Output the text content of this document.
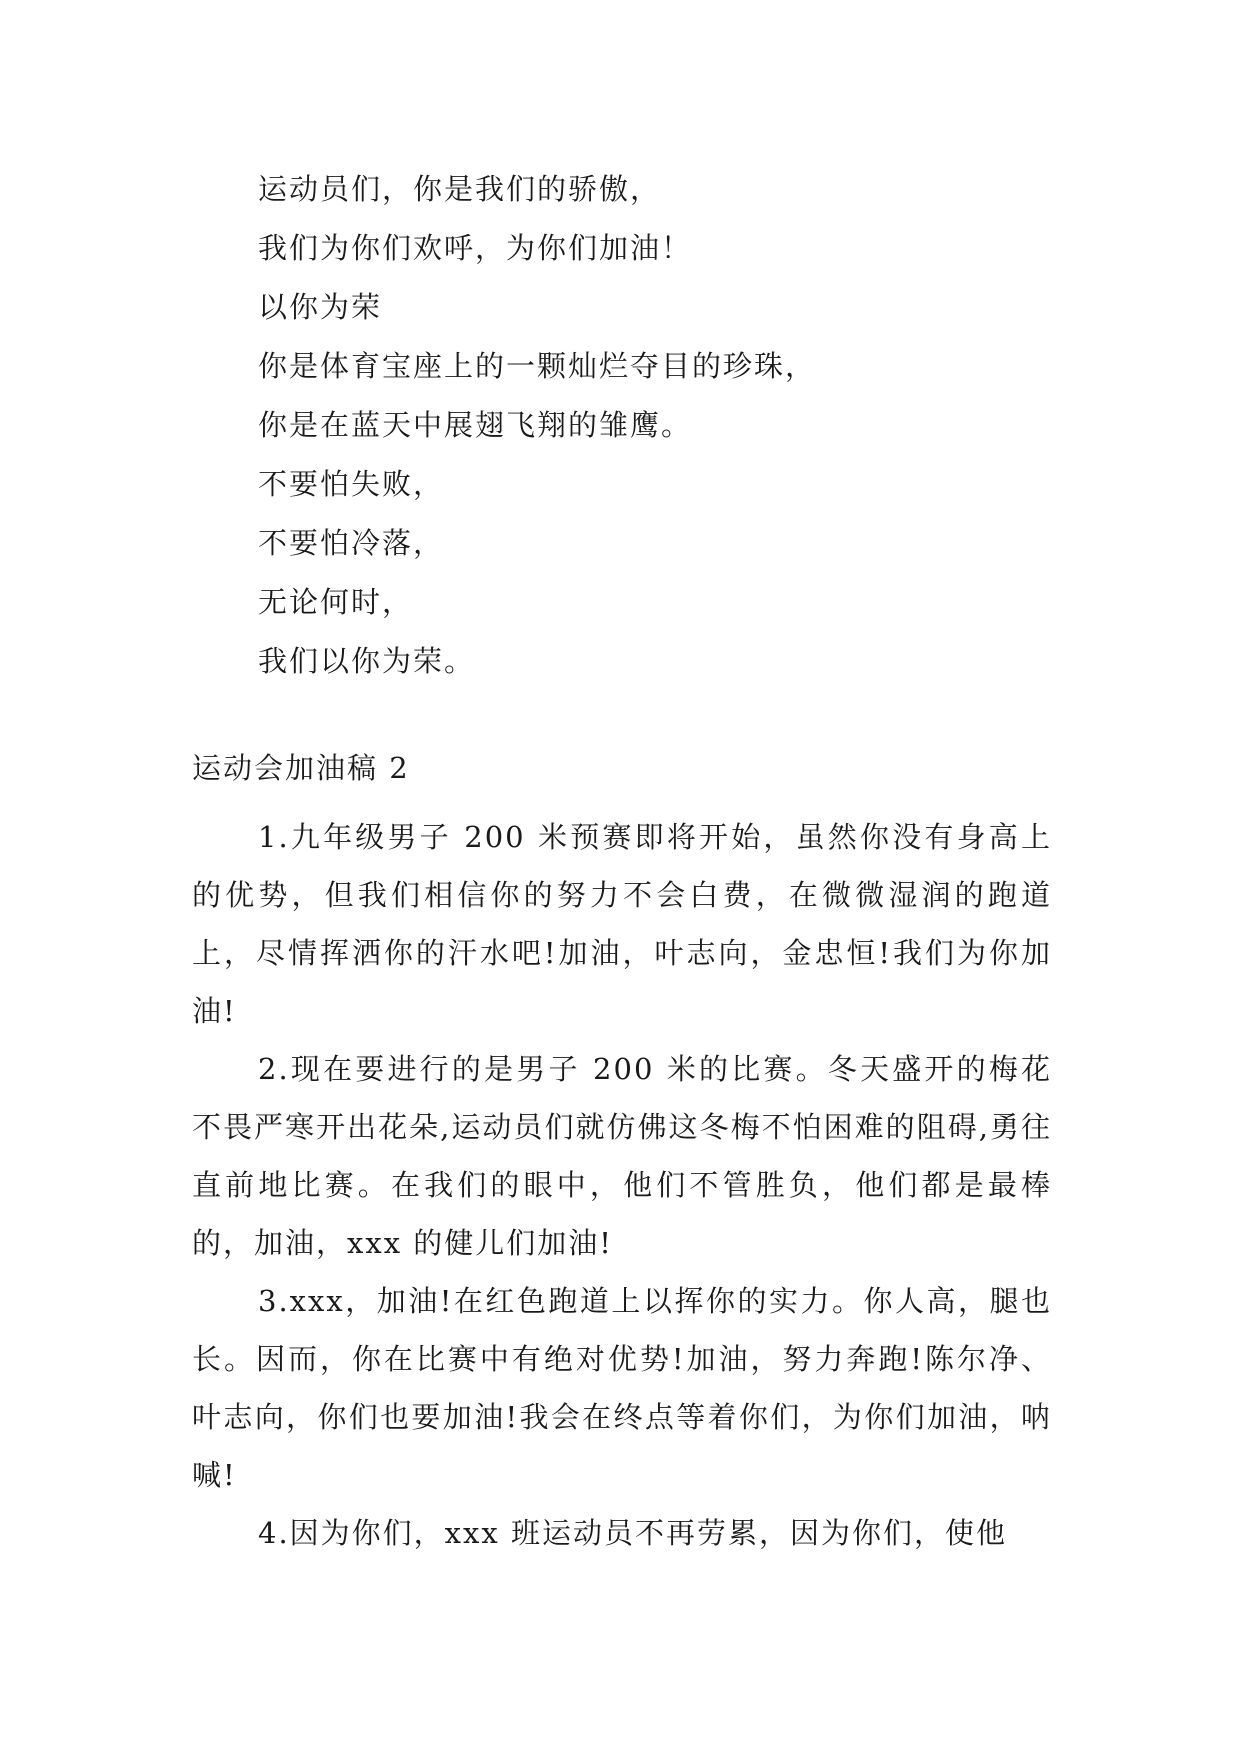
运动员们，你是我们的骄傲，
我们为你们欢呼，为你们加油！
以你为荣
你是体育宝座上的一颗灿烂夺目的珍珠，
你是在蓝天中展翅飞翔的雏鹰。
不要怕失败，
不要怕冷落，
无论何时，
我们以你为荣。
运动会加油稿 2

1.九年级男子 200 米预赛即将开始，虽然你没有身高上的优势，但我们相信你的努力不会白费，在微微湿润的跑道上，尽情挥洒你的汗水吧!加油，叶志向，金忠恒!我们为你加油!

2.现在要进行的是男子 200 米的比赛。冬天盛开的梅花不畏严寒开出花朵,运动员们就仿佛这冬梅不怕困难的阻碍,勇往直前地比赛。在我们的眼中，他们不管胜负，他们都是最棒的，加油，xxx 的健儿们加油!

3.xxx，加油!在红色跑道上以挥你的实力。你人高，腿也长。因而，你在比赛中有绝对优势!加油，努力奔跑!陈尔净、叶志向，你们也要加油!我会在终点等着你们，为你们加油，呐喊!

4.因为你们，xxx 班运动员不再劳累，因为你们，使他
